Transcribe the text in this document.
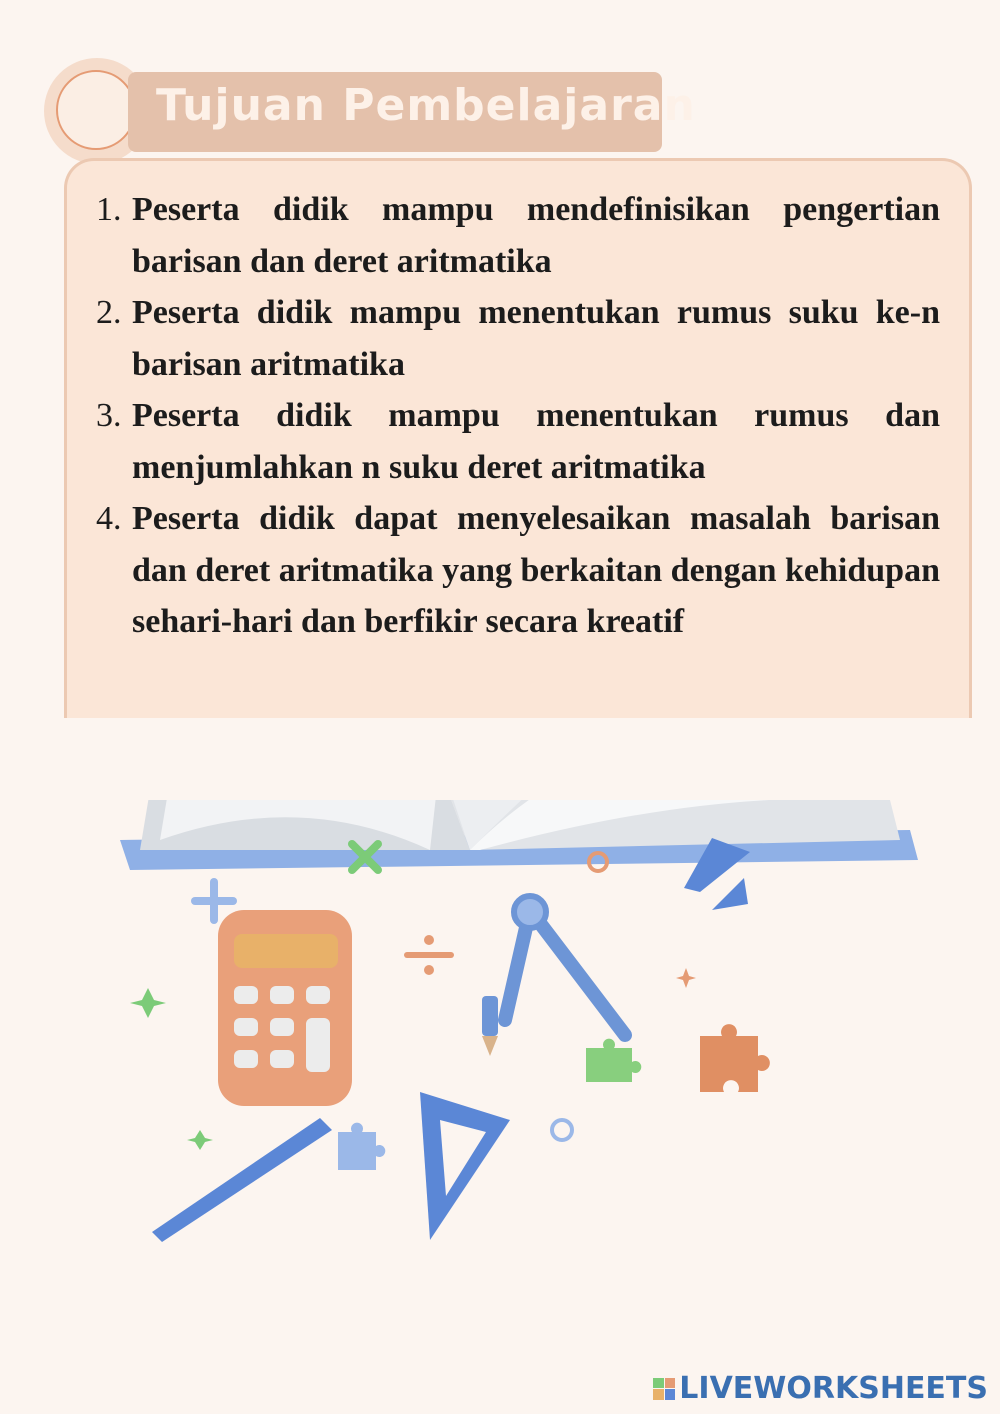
Tujuan Pembelajaran
1. Peserta didik mampu mendefinisikan pengertian barisan dan deret aritmatika
2. Peserta didik mampu menentukan rumus suku ke-n barisan aritmatika
3. Peserta didik mampu menentukan rumus dan menjumlahkan n suku deret aritmatika
4. Peserta didik dapat menyelesaikan masalah barisan dan deret aritmatika yang berkaitan dengan kehidupan sehari-hari dan berfikir secara kreatif
LIVEWORKSHEETS
